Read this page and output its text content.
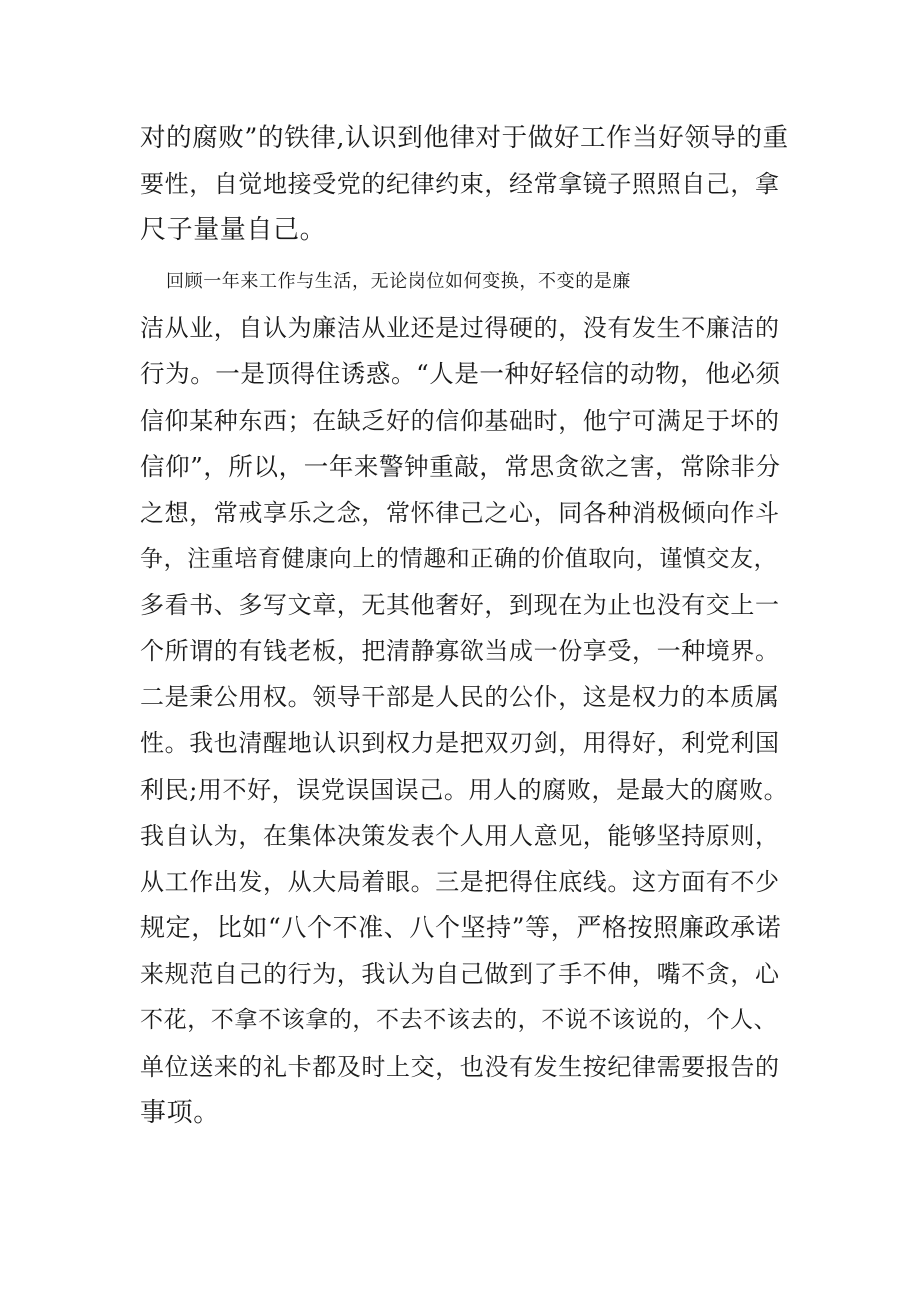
对的腐败”的铁律,认识到他律对于做好工作当好领导的重
要性，自觉地接受党的纪律约束，经常拿镜子照照自己，拿
尺子量量自己。
回顾一年来工作与生活，无论岗位如何变换，不变的是廉
洁从业，自认为廉洁从业还是过得硬的，没有发生不廉洁的
行为。一是顶得住诱惑。“人是一种好轻信的动物，他必须
信仰某种东西；在缺乏好的信仰基础时，他宁可满足于坏的
信仰”，所以，一年来警钟重敲，常思贪欲之害，常除非分
之想，常戒享乐之念，常怀律己之心，同各种消极倾向作斗
争，注重培育健康向上的情趣和正确的价值取向，谨慎交友，
多看书、多写文章，无其他奢好，到现在为止也没有交上一
个所谓的有钱老板，把清静寡欲当成一份享受，一种境界。
二是秉公用权。领导干部是人民的公仆，这是权力的本质属
性。我也清醒地认识到权力是把双刃剑，用得好，利党利国
利民;用不好，误党误国误己。用人的腐败，是最大的腐败。
我自认为，在集体决策发表个人用人意见，能够坚持原则，
从工作出发，从大局着眼。三是把得住底线。这方面有不少
规定，比如“八个不准、八个坚持”等，严格按照廉政承诺
来规范自己的行为，我认为自己做到了手不伸，嘴不贪，心
不花，不拿不该拿的，不去不该去的，不说不该说的，个人、
单位送来的礼卡都及时上交，也没有发生按纪律需要报告的
事项。
